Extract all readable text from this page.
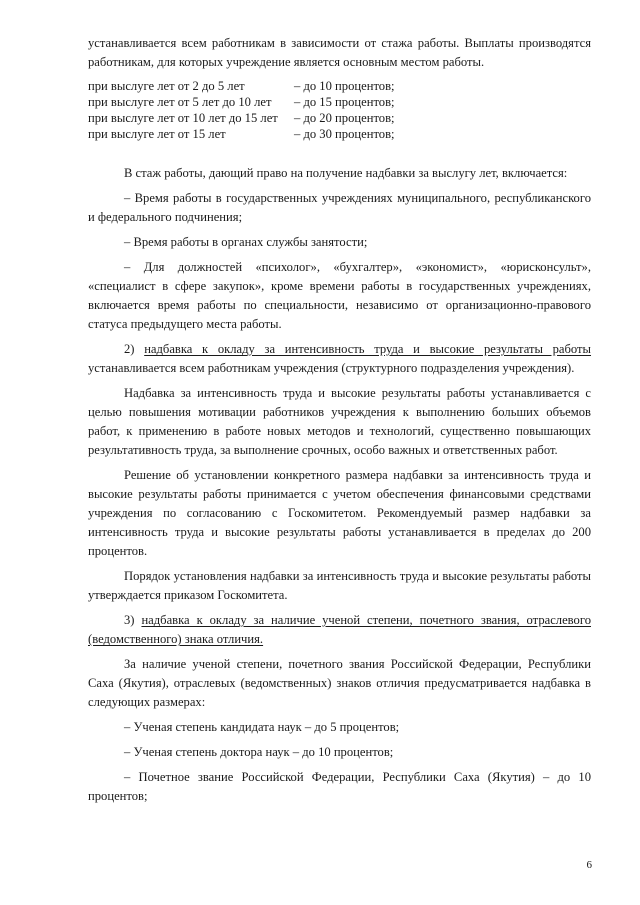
устанавливается всем работникам в зависимости от стажа работы. Выплаты производятся работникам, для которых учреждение является основным местом работы.

при выслуге лет от 2 до 5 лет	– до 10 процентов;
при выслуге лет от 5 лет до 10 лет	– до 15 процентов;
при выслуге лет от 10 лет до 15 лет	– до 20 процентов;
при выслуге лет от 15 лет	– до 30 процентов;

В стаж работы, дающий право на получение надбавки за выслугу лет, включается:

– Время работы в государственных учреждениях муниципального, республиканского и федерального подчинения;

– Время работы в органах службы занятости;

– Для должностей «психолог», «бухгалтер», «экономист», «юрисконсульт», «специалист в сфере закупок», кроме времени работы в государственных учреждениях, включается время работы по специальности, независимо от организационно-правового статуса предыдущего места работы.

2) надбавка к окладу за интенсивность труда и высокие результаты работы устанавливается всем работникам учреждения (структурного подразделения учреждения).

Надбавка за интенсивность труда и высокие результаты работы устанавливается с целью повышения мотивации работников учреждения к выполнению больших объемов работ, к применению в работе новых методов и технологий, существенно повышающих результативность труда, за выполнение срочных, особо важных и ответственных работ.

Решение об установлении конкретного размера надбавки за интенсивность труда и высокие результаты работы принимается с учетом обеспечения финансовыми средствами учреждения по согласованию с Госкомитетом. Рекомендуемый размер надбавки за интенсивность труда и высокие результаты работы устанавливается в пределах до 200 процентов.

Порядок установления надбавки за интенсивность труда и высокие результаты работы утверждается приказом Госкомитета.

3) надбавка к окладу за наличие ученой степени, почетного звания, отраслевого (ведомственного) знака отличия.

За наличие ученой степени, почетного звания Российской Федерации, Республики Саха (Якутия), отраслевых (ведомственных) знаков отличия предусматривается надбавка в следующих размерах:

– Ученая степень кандидата наук – до 5 процентов;

– Ученая степень доктора наук – до 10 процентов;

– Почетное звание Российской Федерации, Республики Саха (Якутия) – до 10 процентов;

6
